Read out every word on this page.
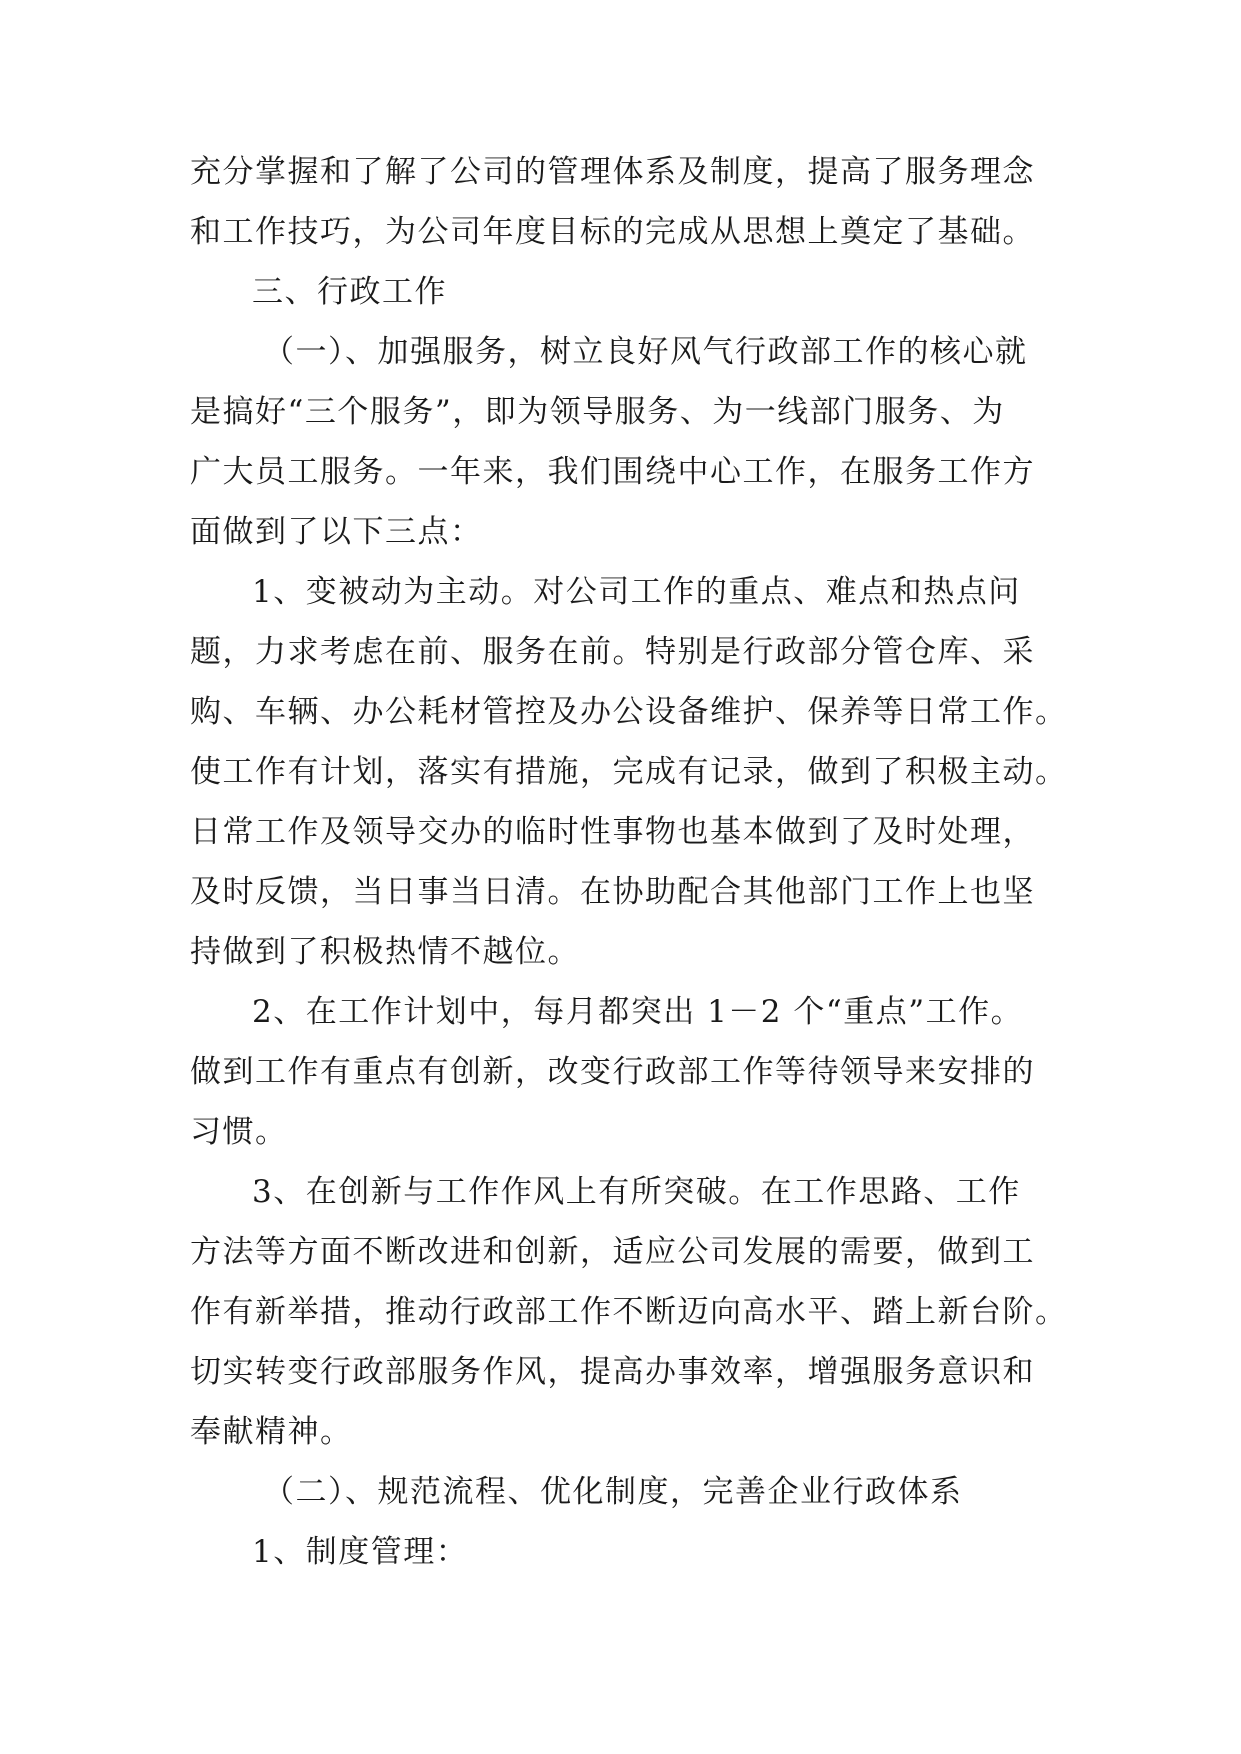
充分掌握和了解了公司的管理体系及制度，提高了服务理念

和工作技巧，为公司年度目标的完成从思想上奠定了基础。

三、行政工作

（一）、加强服务，树立良好风气行政部工作的核心就

是搞好“三个服务”，即为领导服务、为一线部门服务、为

广大员工服务。一年来，我们围绕中心工作，在服务工作方

面做到了以下三点：

1、变被动为主动。对公司工作的重点、难点和热点问

题，力求考虑在前、服务在前。特别是行政部分管仓库、采

购、车辆、办公耗材管控及办公设备维护、保养等日常工作。

使工作有计划，落实有措施，完成有记录，做到了积极主动。

日常工作及领导交办的临时性事物也基本做到了及时处理，

及时反馈，当日事当日清。在协助配合其他部门工作上也坚

持做到了积极热情不越位。

2、在工作计划中，每月都突出 1－2 个“重点”工作。

做到工作有重点有创新，改变行政部工作等待领导来安排的

习惯。

3、在创新与工作作风上有所突破。在工作思路、工作

方法等方面不断改进和创新，适应公司发展的需要，做到工

作有新举措，推动行政部工作不断迈向高水平、踏上新台阶。

切实转变行政部服务作风，提高办事效率，增强服务意识和

奉献精神。

（二）、规范流程、优化制度，完善企业行政体系

1、制度管理：
